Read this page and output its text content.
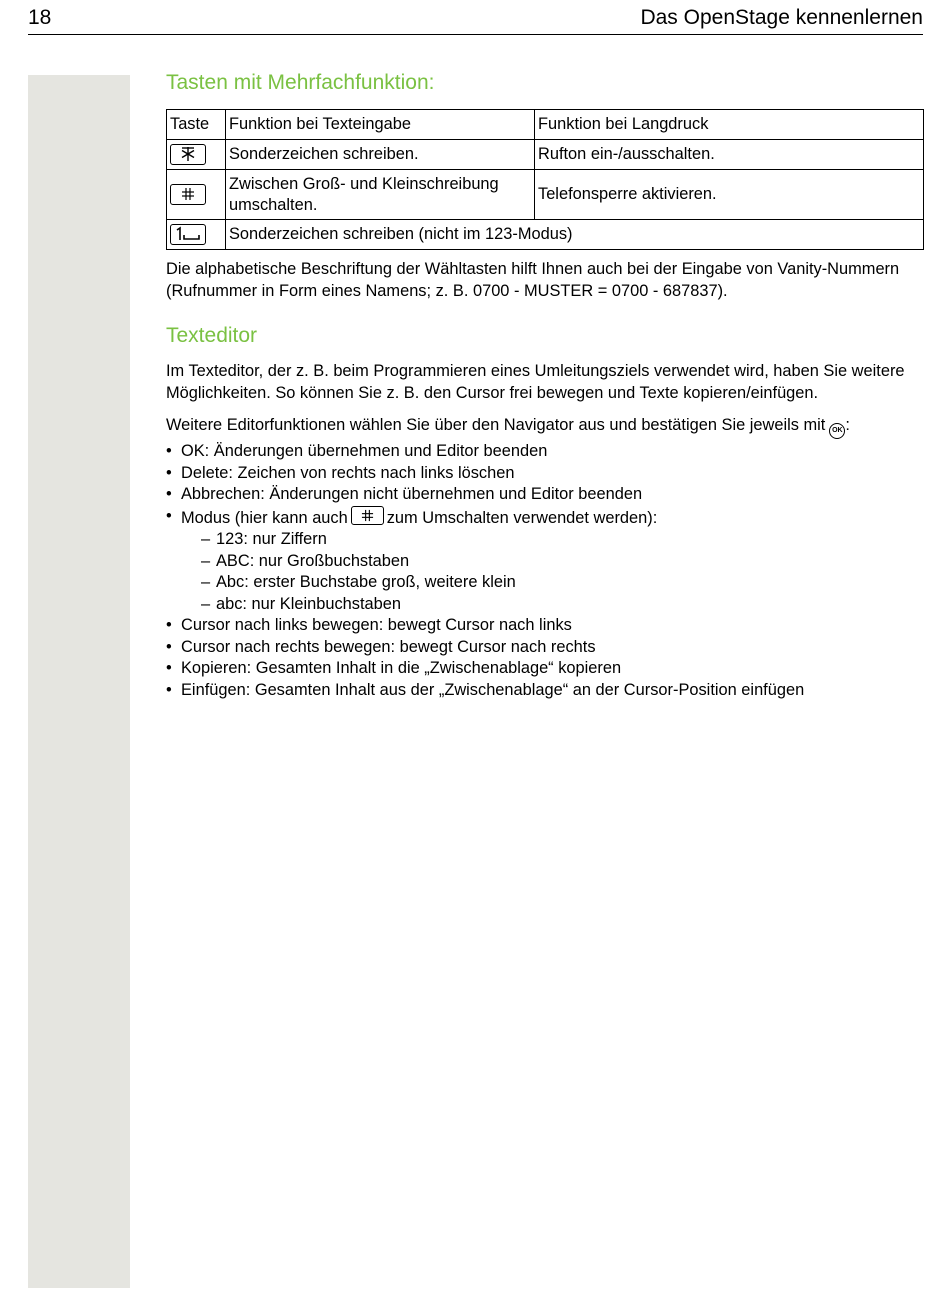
18	Das OpenStage kennenlernen
Tasten mit Mehrfachfunktion:
Taste	Funktion bei Texteingabe	Funktion bei Langdruck

	Sonderzeichen schreiben.	Rufton ein-/ausschalten.

	Zwischen Groß- und Kleinschreibung umschalten.	Telefonsperre aktivieren.

	Sonderzeichen schreiben (nicht im 123-Modus)	

Die alphabetische Beschriftung der Wähltasten hilft Ihnen auch bei der Eingabe von Vanity-Nummern (Rufnummer in Form eines Namens; z. B. 0700 - MUSTER = 0700 - 687837).

Texteditor

Im Texteditor, der z. B. beim Programmieren eines Umleitungsziels verwendet wird, haben Sie weitere Möglichkeiten. So können Sie z. B. den Cursor frei bewegen und Texte kopieren/einfügen.

Weitere Editorfunktionen wählen Sie über den Navigator aus und bestätigen Sie jeweils mit OK :

• OK: Änderungen übernehmen und Editor beenden
• Delete: Zeichen von rechts nach links löschen
• Abbrechen: Änderungen nicht übernehmen und Editor beenden
• Modus (hier kann auch zum Umschalten verwendet werden):
– 123: nur Ziffern
– ABC: nur Großbuchstaben
– Abc: erster Buchstabe groß, weitere klein
– abc: nur Kleinbuchstaben
• Cursor nach links bewegen: bewegt Cursor nach links
• Cursor nach rechts bewegen: bewegt Cursor nach rechts
• Kopieren: Gesamten Inhalt in die „Zwischenablage“ kopieren
• Einfügen: Gesamten Inhalt aus der „Zwischenablage“ an der Cursor-Position einfügen
